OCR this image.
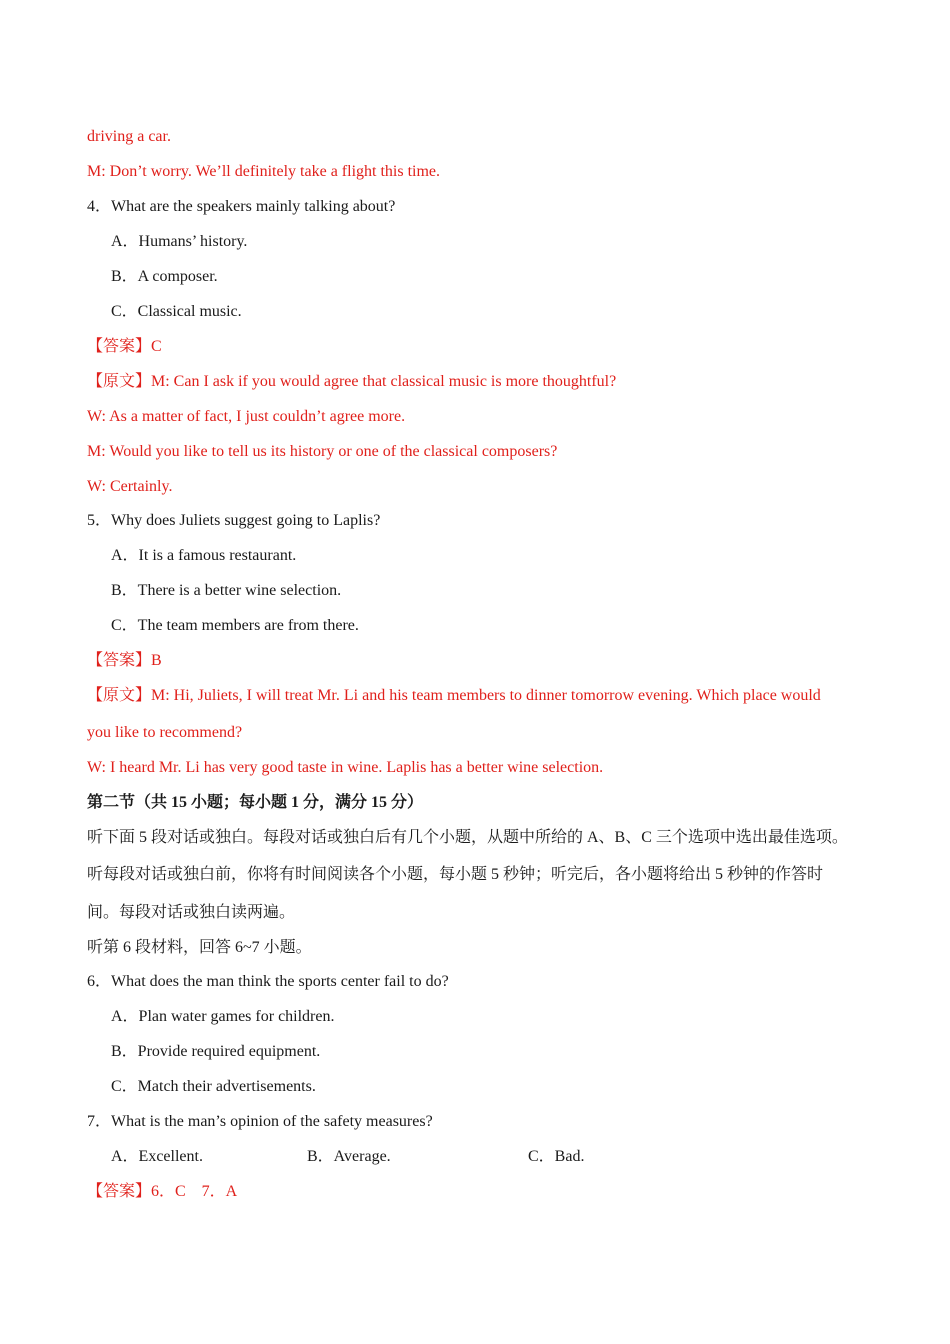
driving a car.
M: Don’t worry. We’ll definitely take a flight this time.
4．What are the speakers mainly talking about?
A．Humans’ history.
B．A composer.
C．Classical music.
【答案】C
【原文】M: Can I ask if you would agree that classical music is more thoughtful?
W: As a matter of fact, I just couldn’t agree more.
M: Would you like to tell us its history or one of the classical composers?
W: Certainly.
5．Why does Juliets suggest going to Laplis?
A．It is a famous restaurant.
B．There is a better wine selection.
C．The team members are from there.
【答案】B
【原文】M: Hi, Juliets, I will treat Mr. Li and his team members to dinner tomorrow evening. Which place would
you like to recommend?
W: I heard Mr. Li has very good taste in wine. Laplis has a better wine selection.
第二节（共 15 小题；每小题 1 分，满分 15 分）
听下面 5 段对话或独白。每段对话或独白后有几个小题，从题中所给的 A、B、C 三个选项中选出最佳选项。
听每段对话或独白前，你将有时间阅读各个小题，每小题 5 秒钟；听完后，各小题将给出 5 秒钟的作答时
间。每段对话或独白读两遍。
听第 6 段材料，回答 6~7 小题。
6．What does the man think the sports center fail to do?
A．Plan water games for children.
B．Provide required equipment.
C．Match their advertisements.
7．What is the man’s opinion of the safety measures?
A．Excellent.	B．Average.	C．Bad.
【答案】6．C　7．A
